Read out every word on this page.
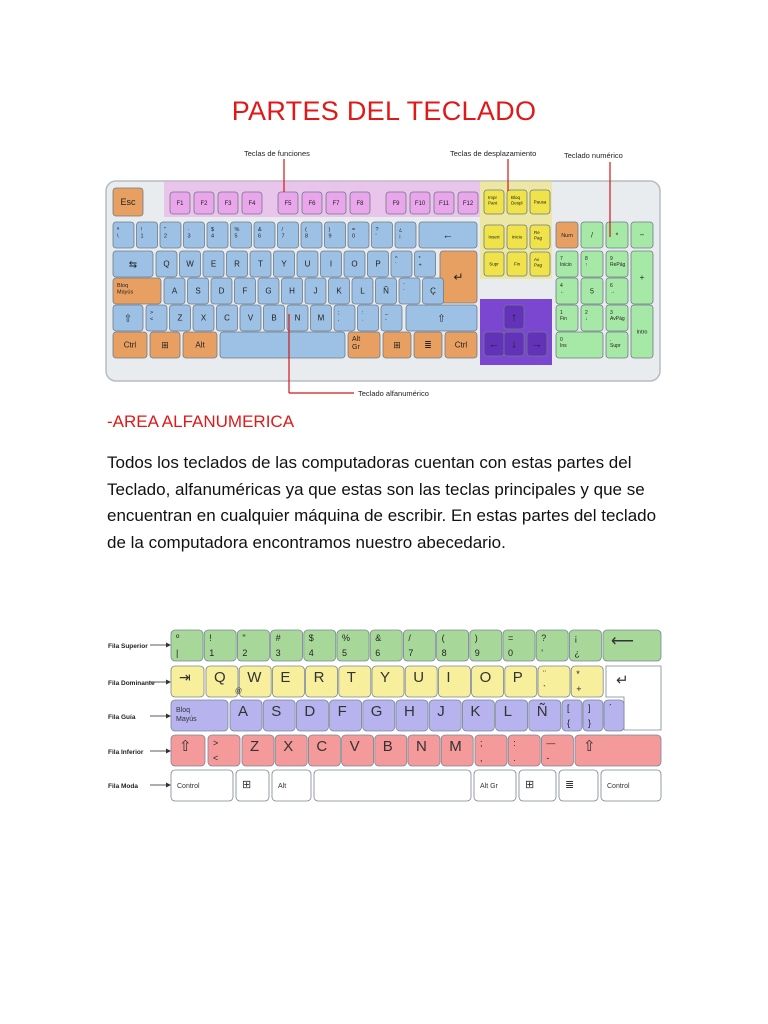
PARTES DEL TECLADO
Esc	F1	F2	F3	F4	F5	F6	F7	F8	F9	F10 F11 F12
Impr
Pant
Bloq
Despl Pausa
Insert	Inicio
Re
Pag
Supr	Fin
Av
Pag
↑
← ↓ →
ª
\
!
1
"
2
·
3
$
4
%
5
&
6
/
7
(
8
)
9
=
0
?
'
¿
¡	←
⇆	Q W E R T Y U I O P
^
`
*
+
↵
Bloq
Mayús	A S D F G H J K L Ñ
¨
´	Ç
⇧
>
<	Z X C V B N M
;
,
:
.
_
-	⇧
Ctrl	⊞	Alt
Alt
Gr	⊞	≣	Ctrl
Num	/	*	−
7
Inicio
8
↑
9
RePág
+
4
←	5
6
→
1
Fin
2
↓
3
AvPág
Intro
0
Ins
.
Supr
Teclas de funciones	Teclas de desplazamiento	Teclado numérico
Teclado alfanumérico
-AREA ALFANUMERICA
Todos los teclados de las computadoras cuentan con estas partes del Teclado, alfanuméricas ya que estas son las teclas principales y que se encuentran en cualquier máquina de escribir. En estas partes del teclado de la computadora encontramos nuestro abecedario.
Fila Superior
Fila Dominante
Fila Guía
Fila Inferior
Fila Moda
º
|
!
1
"
2
#
3
$
4
%
5
&
6
/
7
(
8
)
9
=
0
?
'
¡
¿
⟵
⇥ Q W E R T Y U I O P
@
¨
`
*
+ ↵
Bloq
Mayús	A S D F G H J K L Ñ [
{
]
}
´
⇧ >
<
Z X C V B N M ;
,
:
.
—
-
⇧
Control	⊞	Alt	Alt Gr ⊞	≣	Control
